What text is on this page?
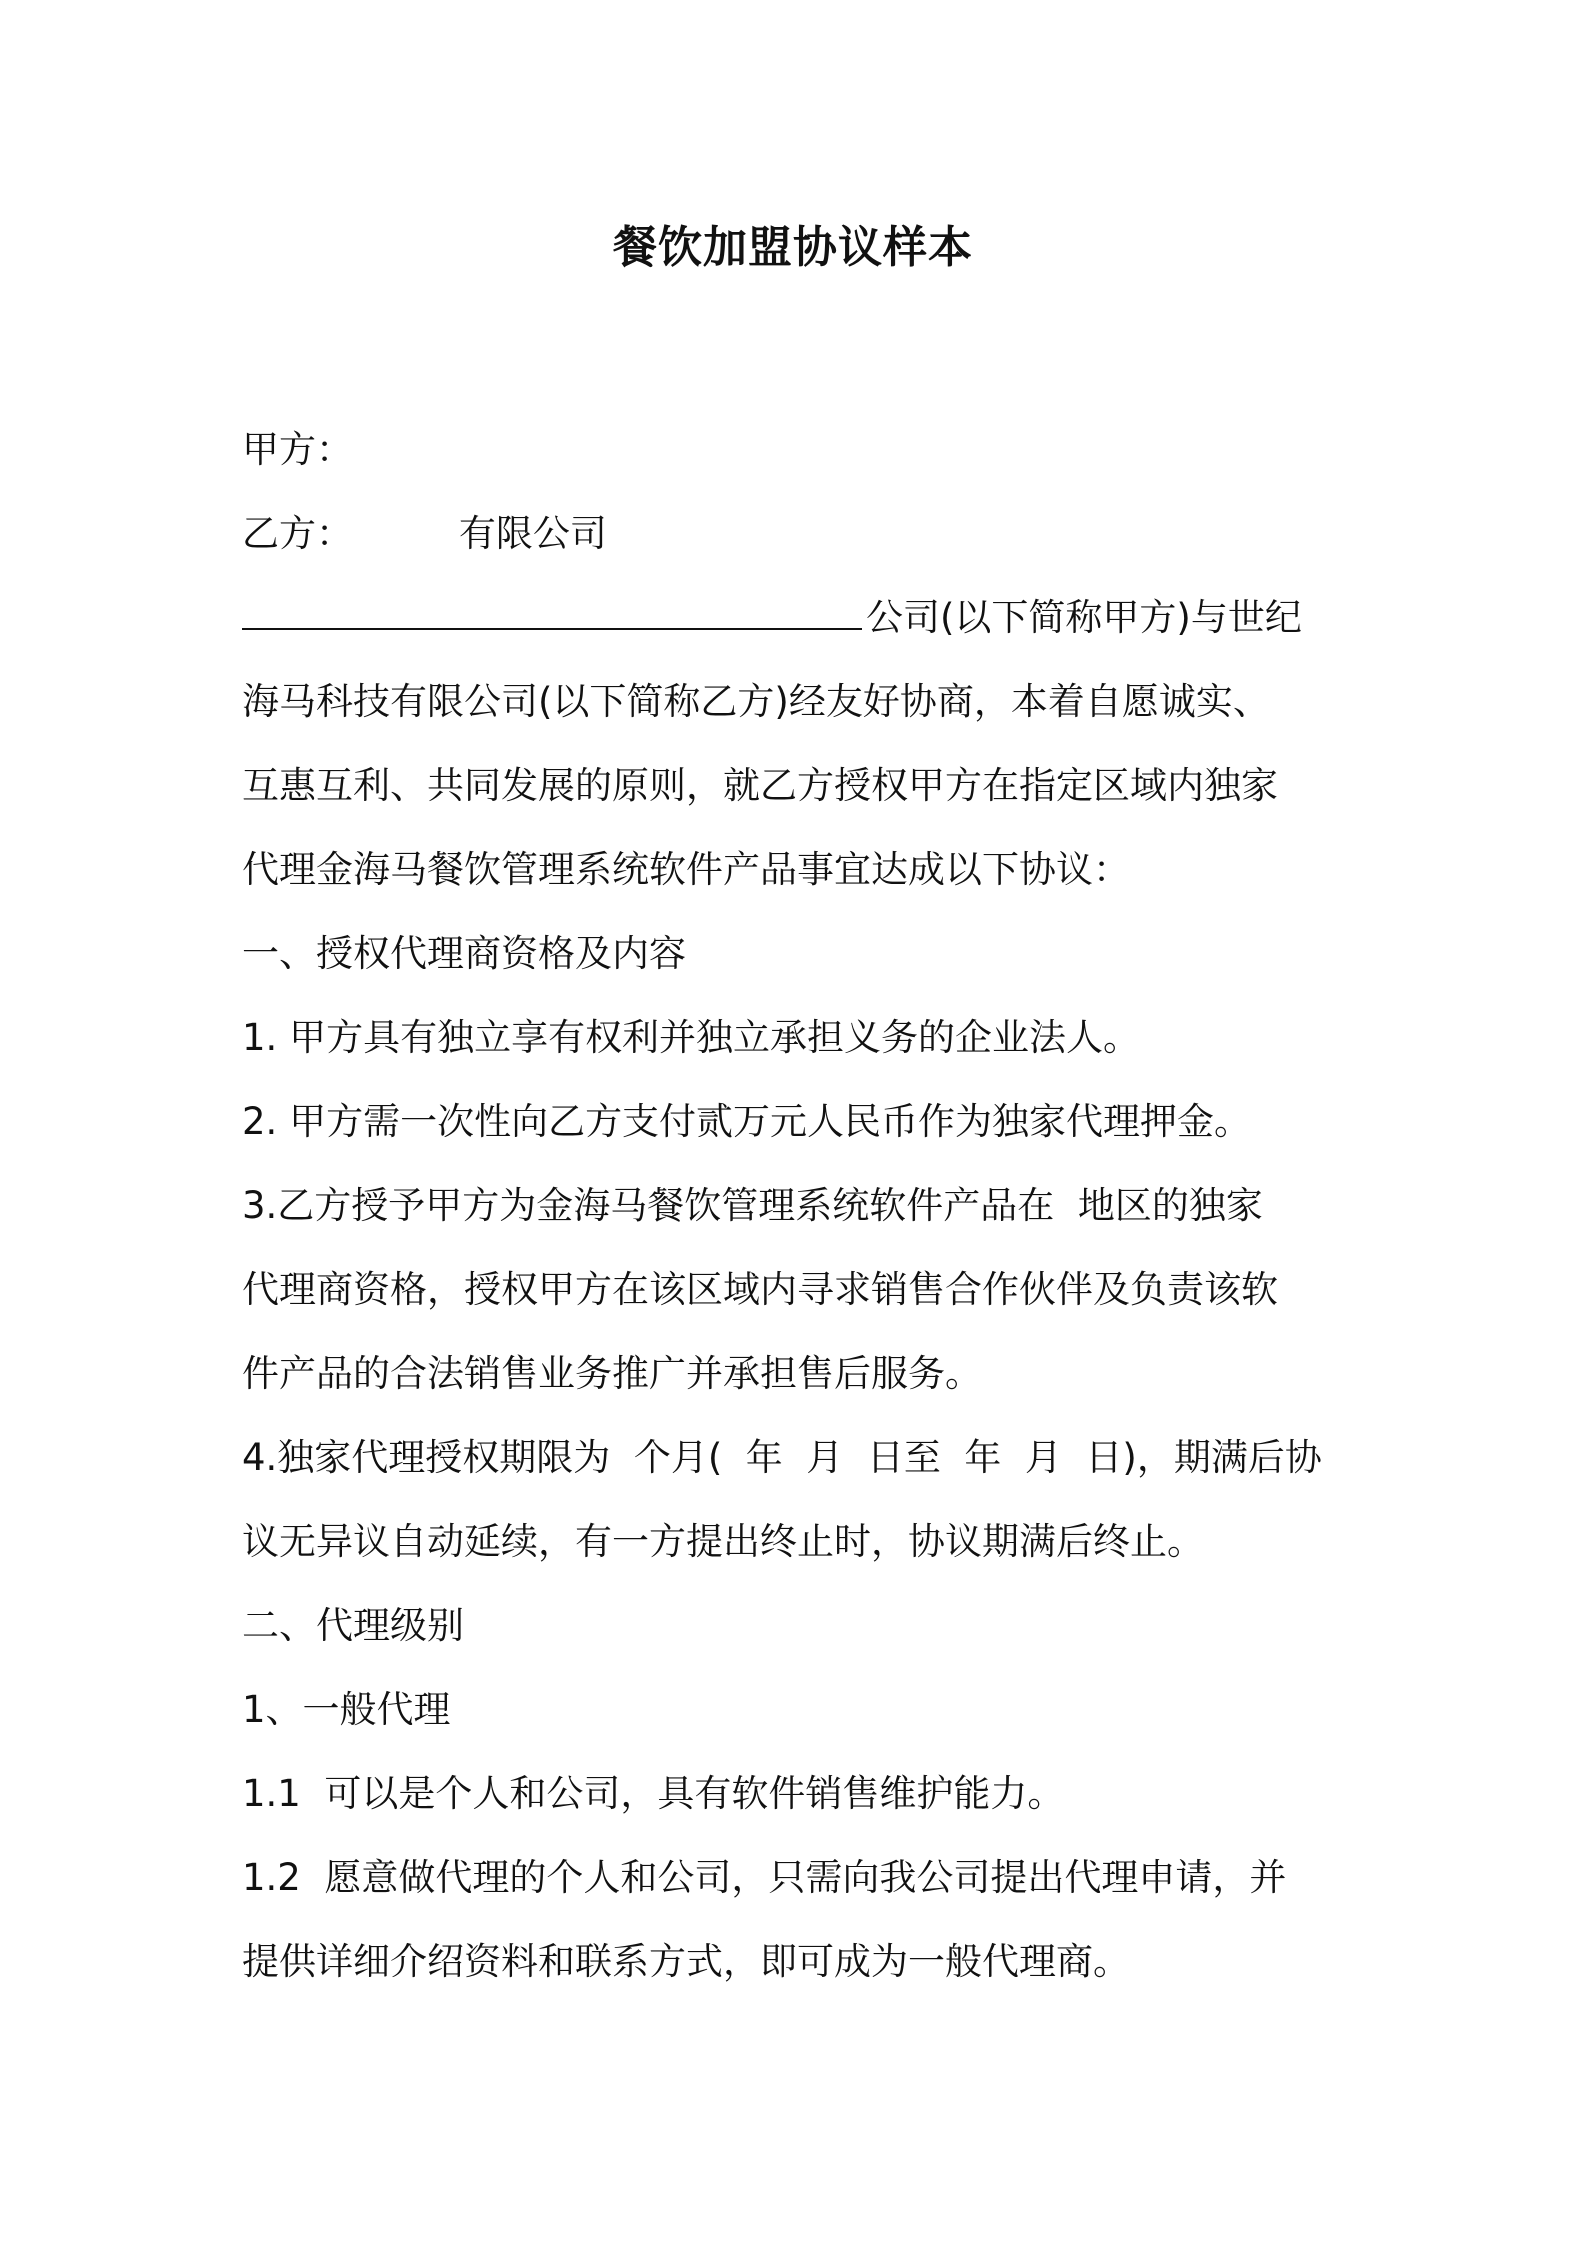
餐饮加盟协议样本
甲方：
乙方：         有限公司
公司(以下简称甲方)与世纪
海马科技有限公司(以下简称乙方)经友好协商，本着自愿诚实、
互惠互利、共同发展的原则，就乙方授权甲方在指定区域内独家
代理金海马餐饮管理系统软件产品事宜达成以下协议：
一、授权代理商资格及内容
1. 甲方具有独立享有权利并独立承担义务的企业法人。
2. 甲方需一次性向乙方支付贰万元人民币作为独家代理押金。
3.乙方授予甲方为金海马餐饮管理系统软件产品在  地区的独家
代理商资格，授权甲方在该区域内寻求销售合作伙伴及负责该软
件产品的合法销售业务推广并承担售后服务。
4.独家代理授权期限为  个月(  年  月  日至  年  月  日)，期满后协
议无异议自动延续，有一方提出终止时，协议期满后终止。
二、代理级别
1、一般代理
1.1  可以是个人和公司，具有软件销售维护能力。
1.2  愿意做代理的个人和公司，只需向我公司提出代理申请，并
提供详细介绍资料和联系方式，即可成为一般代理商。
